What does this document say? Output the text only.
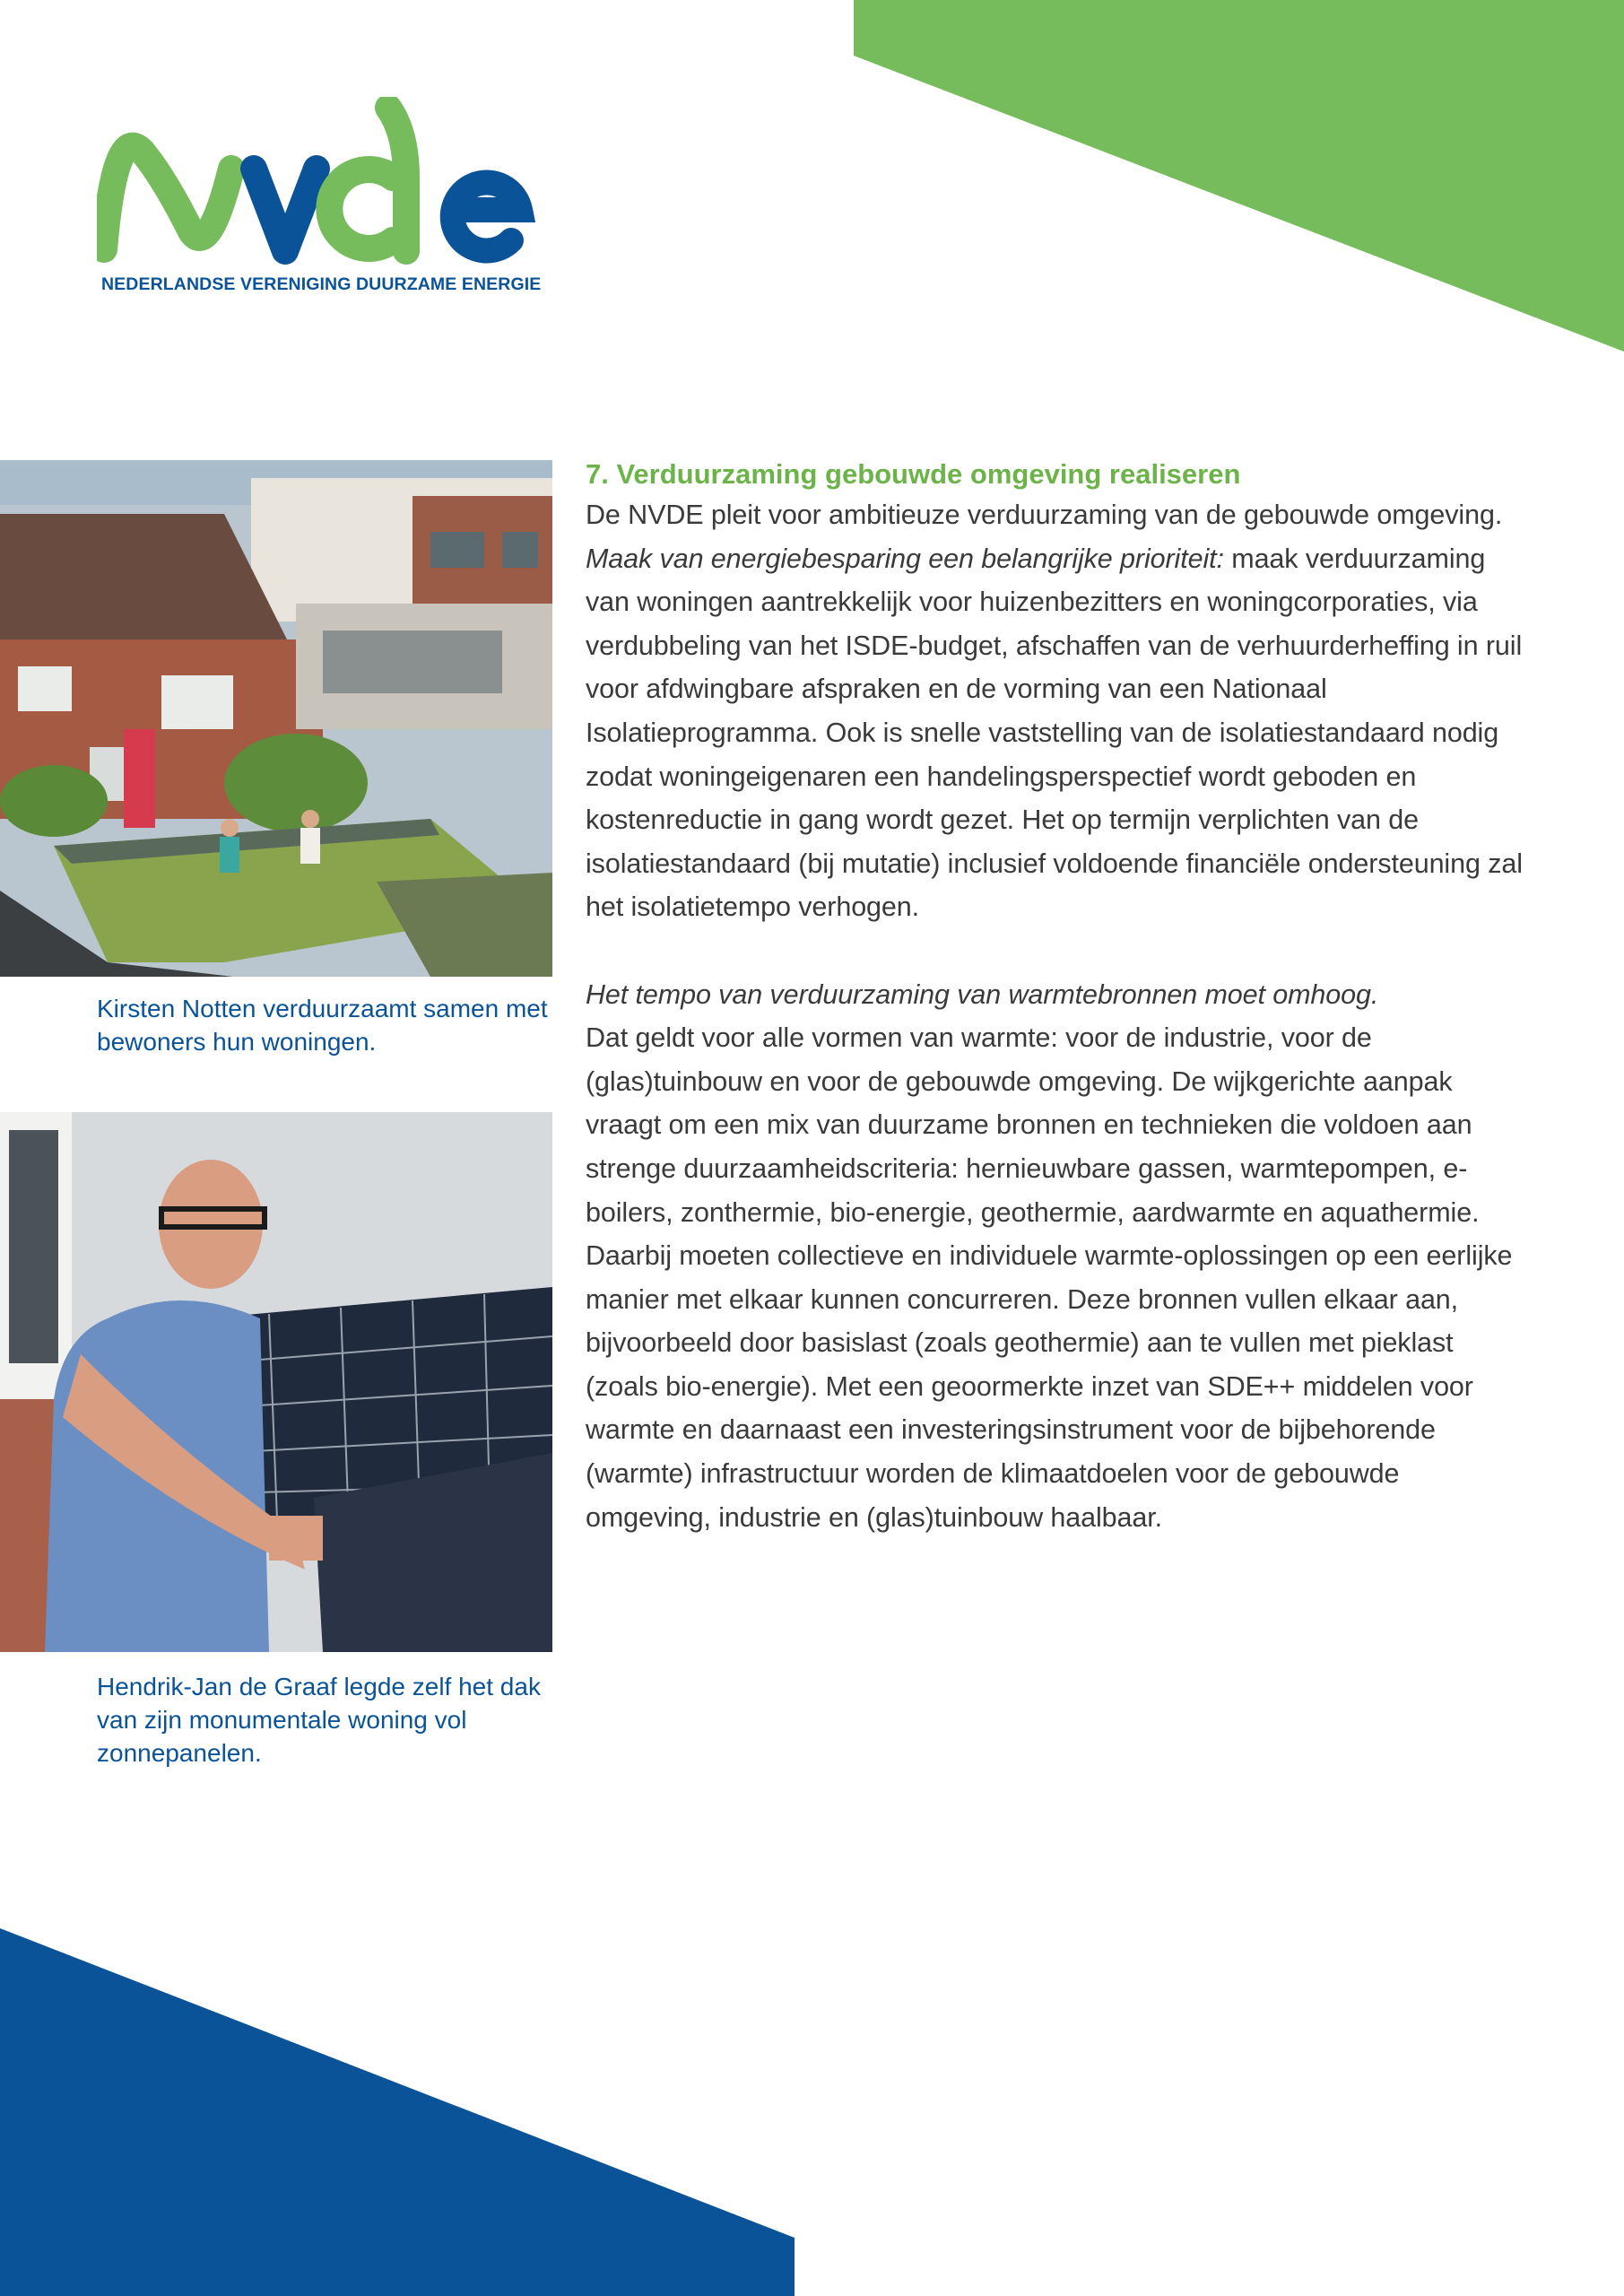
NEDERLANDSE VERENIGING DUURZAME ENERGIE
Kirsten Notten verduurzaamt samen met bewoners hun woningen.
Hendrik-Jan de Graaf legde zelf het dak van zijn monumentale woning vol zonnepanelen.
7. Verduurzaming gebouwde omgeving realiseren

De NVDE pleit voor ambitieuze verduurzaming van de gebouwde omgeving. Maak van energiebesparing een belangrijke prioriteit: maak verduurzaming van woningen aantrekkelijk voor huizenbezitters en woningcorporaties, via verdubbeling van het ISDE-budget, afschaffen van de verhuurderheffing in ruil voor afdwingbare afspraken en de vorming van een Nationaal Isolatieprogramma. Ook is snelle vaststelling van de isolatiestandaard nodig zodat woningeigenaren een handelingsperspectief wordt geboden en kostenreductie in gang wordt gezet. Het op termijn verplichten van de isolatiestandaard (bij mutatie) inclusief voldoende financiële ondersteuning zal het isolatietempo verhogen.

Het tempo van verduurzaming van warmtebronnen moet omhoog.
Dat geldt voor alle vormen van warmte: voor de industrie, voor de (glas)tuinbouw en voor de gebouwde omgeving. De wijkgerichte aanpak vraagt om een mix van duurzame bronnen en technieken die voldoen aan strenge duurzaamheidscriteria: hernieuwbare gassen, warmtepompen, e-boilers, zonthermie, bio-energie, geothermie, aardwarmte en aquathermie. Daarbij moeten collectieve en individuele warmte-oplossingen op een eerlijke manier met elkaar kunnen concurreren. Deze bronnen vullen elkaar aan, bijvoorbeeld door basislast (zoals geothermie) aan te vullen met pieklast (zoals bio-energie). Met een geoormerkte inzet van SDE++ middelen voor warmte en daarnaast een investeringsinstrument voor de bijbehorende (warmte) infrastructuur worden de klimaatdoelen voor de gebouwde omgeving, industrie en (glas)tuinbouw haalbaar.
